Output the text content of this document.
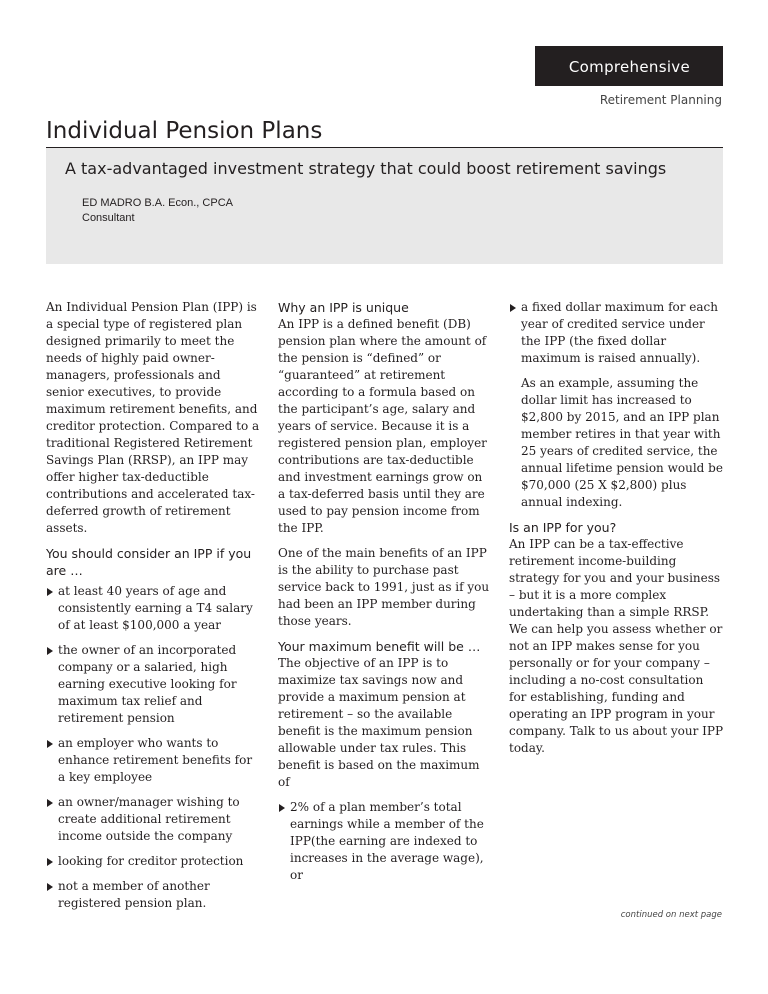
Comprehensive
Retirement Planning
Individual Pension Plans
A tax-advantaged investment strategy that could boost retirement savings
ED MADRO B.A. Econ., CPCA
Consultant

An Individual Pension Plan (IPP) is a special type of registered plan designed primarily to meet the needs of highly paid owner-managers, professionals and senior executives, to provide maximum retirement benefits, and creditor protection. Compared to a traditional Registered Retirement Savings Plan (RRSP), an IPP may offer higher tax-deductible contributions and accelerated tax-deferred growth of retirement assets.

You should consider an IPP if you are …

at least 40 years of age and consistently earning a T4 salary of at least $100,000 a year
the owner of an incorporated company or a salaried, high earning executive looking for maximum tax relief and retirement pension
an employer who wants to enhance retirement benefits for a key employee
an owner/manager wishing to create additional retirement income outside the company
looking for creditor protection
not a member of another registered pension plan.

Why an IPP is unique

An IPP is a defined benefit (DB) pension plan where the amount of the pension is “defined” or “guaranteed” at retirement according to a formula based on the participant’s age, salary and years of service. Because it is a registered pension plan, employer contributions are tax-deductible and investment earnings grow on a tax-deferred basis until they are used to pay pension income from the IPP.

One of the main benefits of an IPP is the ability to purchase past service back to 1991, just as if you had been an IPP member during those years.

Your maximum benefit will be …

The objective of an IPP is to maximize tax savings now and provide a maximum pension at retirement – so the available benefit is the maximum pension allowable under tax rules. This benefit is based on the maximum of

2% of a plan member’s total earnings while a member of the IPP(the earning are indexed to increases in the average wage), or
a fixed dollar maximum for each year of credited service under the IPP (the fixed dollar maximum is raised annually).

As an example, assuming the dollar limit has increased to $2,800 by 2015, and an IPP plan member retires in that year with 25 years of credited service, the annual lifetime pension would be $70,000 (25 X $2,800) plus annual indexing.

Is an IPP for you?

An IPP can be a tax-effective retirement income-building strategy for you and your business – but it is a more complex undertaking than a simple RRSP. We can help you assess whether or not an IPP makes sense for you personally or for your company – including a no-cost consultation for establishing, funding and operating an IPP program in your company. Talk to us about your IPP today.

continued on next page
